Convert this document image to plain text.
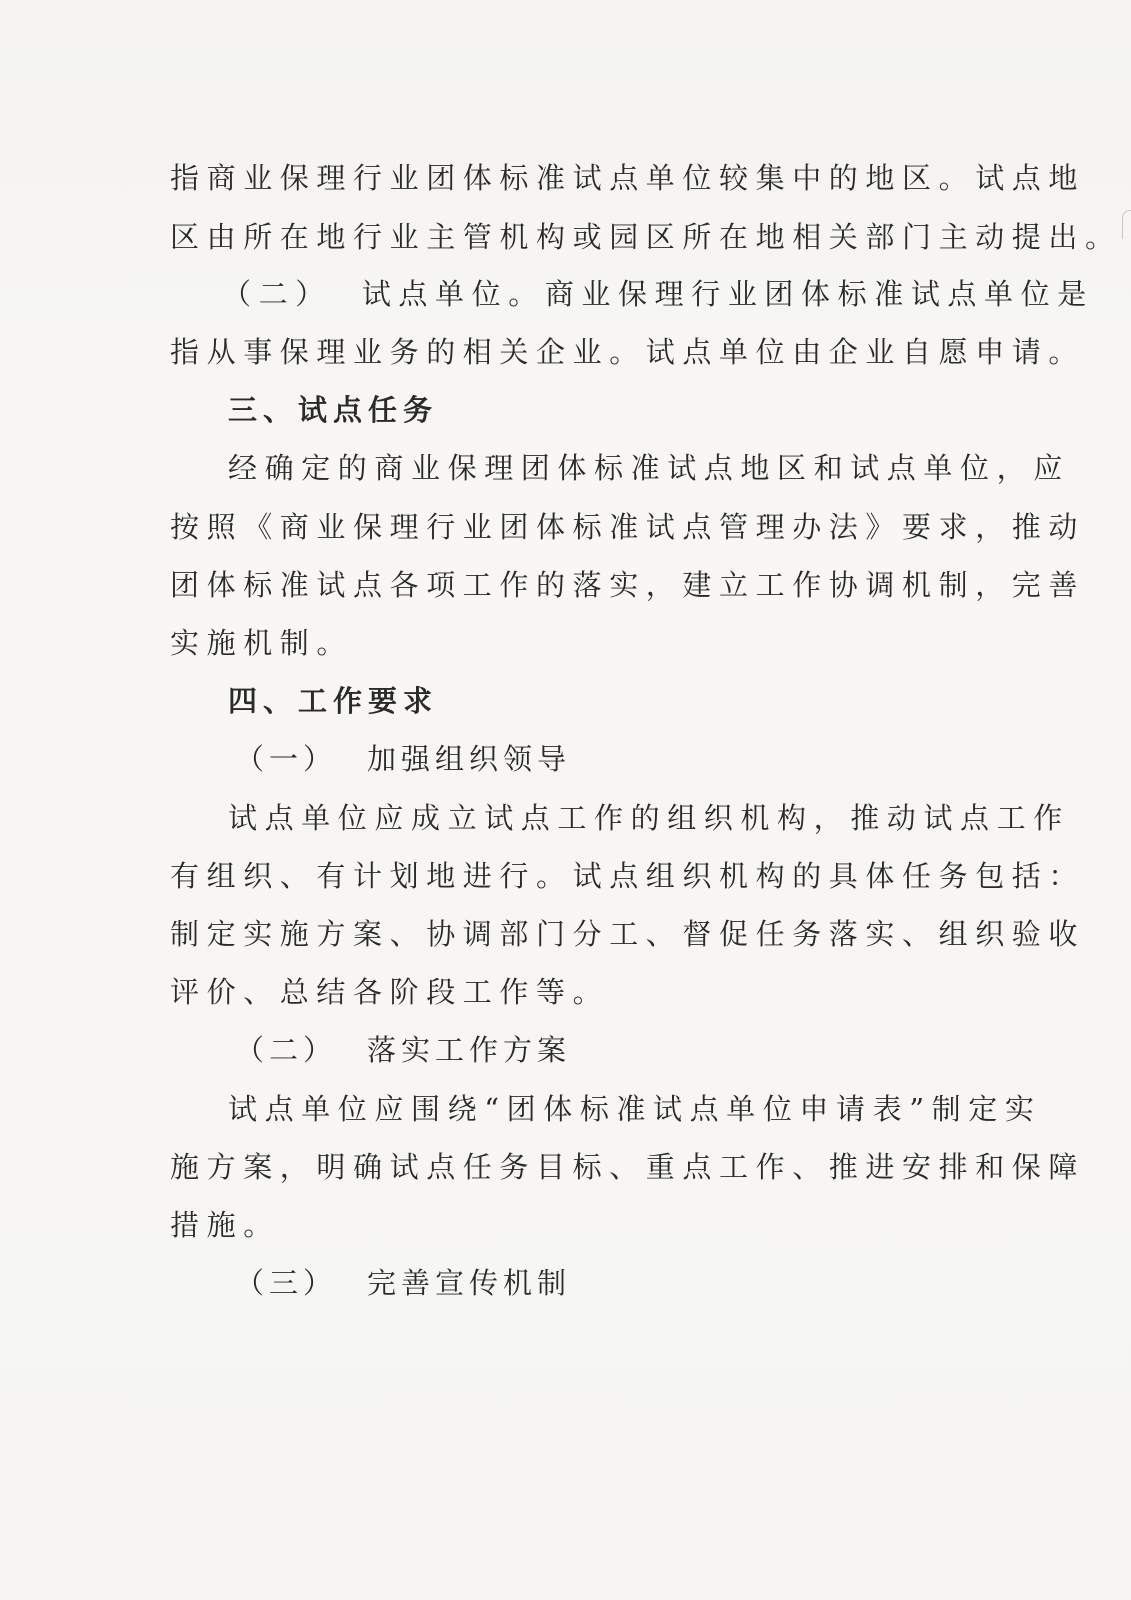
指商业保理行业团体标准试点单位较集中的地区。试点地
区由所在地行业主管机构或园区所在地相关部门主动提出。
（二） 试点单位。商业保理行业团体标准试点单位是
指从事保理业务的相关企业。试点单位由企业自愿申请。
三、试点任务
经确定的商业保理团体标准试点地区和试点单位，应
按照《商业保理行业团体标准试点管理办法》要求，推动
团体标准试点各项工作的落实，建立工作协调机制，完善
实施机制。
四、工作要求
（一） 加强组织领导
试点单位应成立试点工作的组织机构，推动试点工作
有组织、有计划地进行。试点组织机构的具体任务包括：
制定实施方案、协调部门分工、督促任务落实、组织验收
评价、总结各阶段工作等。
（二） 落实工作方案
试点单位应围绕“团体标准试点单位申请表”制定实
施方案，明确试点任务目标、重点工作、推进安排和保障
措施。
（三） 完善宣传机制
